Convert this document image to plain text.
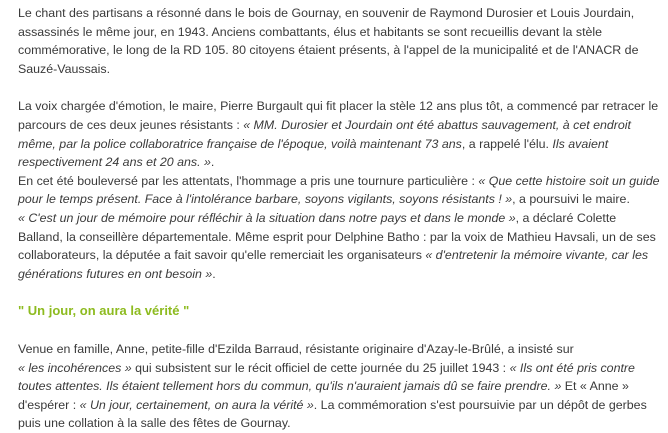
Le chant des partisans a résonné dans le bois de Gournay, en souvenir de Raymond Durosier et Louis Jourdain, assassinés le même jour, en 1943. Anciens combattants, élus et habitants se sont recueillis devant la stèle commémorative, le long de la RD 105. 80 citoyens étaient présents, à l'appel de la municipalité et de l'ANACR de Sauzé-Vaussais.

La voix chargée d'émotion, le maire, Pierre Burgault qui fit placer la stèle 12 ans plus tôt, a commencé par retracer le parcours de ces deux jeunes résistants : « MM. Durosier et Jourdain ont été abattus sauvagement, à cet endroit même, par la police collaboratrice française de l'époque, voilà maintenant 73 ans, a rappelé l'élu. Ils avaient respectivement 24 ans et 20 ans. ».

En cet été bouleversé par les attentats, l'hommage a pris une tournure particulière : « Que cette histoire soit un guide pour le temps présent. Face à l'intolérance barbare, soyons vigilants, soyons résistants ! », a poursuivi le maire.
« C'est un jour de mémoire pour réfléchir à la situation dans notre pays et dans le monde », a déclaré Colette Balland, la conseillère départementale. Même esprit pour Delphine Batho : par la voix de Mathieu Havsali, un de ses collaborateurs, la députée a fait savoir qu'elle remerciait les organisateurs « d'entretenir la mémoire vivante, car les générations futures en ont besoin ».

" Un jour, on aura la vérité "

Venue en famille, Anne, petite-fille d'Ezilda Barraud, résistante originaire d'Azay-le-Brûlé, a insisté sur
« les incohérences » qui subsistent sur le récit officiel de cette journée du 25 juillet 1943 : « Ils ont été pris contre toutes attentes. Ils étaient tellement hors du commun, qu'ils n'auraient jamais dû se faire prendre. » Et « Anne » d'espérer : « Un jour, certainement, on aura la vérité ». La commémoration s'est poursuivie par un dépôt de gerbes puis une collation à la salle des fêtes de Gournay.
